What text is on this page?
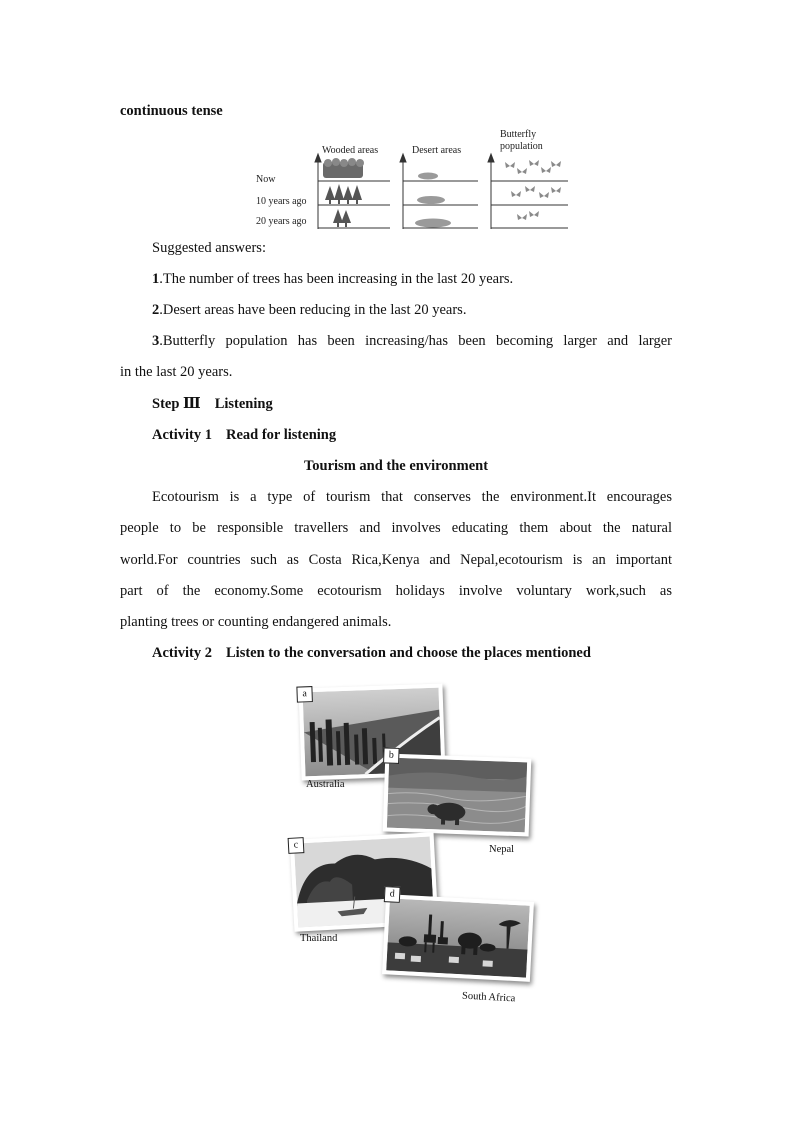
continuous tense

Wooded areas	Desert areas
Butterfly population
Now
10 years ago
20 years ago

Suggested answers:

1.The number of trees has been increasing in the last 20 years.

2.Desert areas have been reducing in the last 20 years.

3.Butterfly population has been increasing/has been becoming larger and larger

in the last 20 years.

Step Ⅲ Listening

Activity 1 Read for listening

Tourism and the environment

Ecotourism is a type of tourism that conserves the environment.It encourages

people to be responsible travellers and involves educating them about the natural

world.For countries such as Costa Rica,Kenya and Nepal,ecotourism is an important

part of the economy.Some ecotourism holidays involve voluntary work,such as

planting trees or counting endangered animals.

Activity 2 Listen to the conversation and choose the places mentioned

a
Australia
b
Nepal
c
Thailand
d
South Africa
